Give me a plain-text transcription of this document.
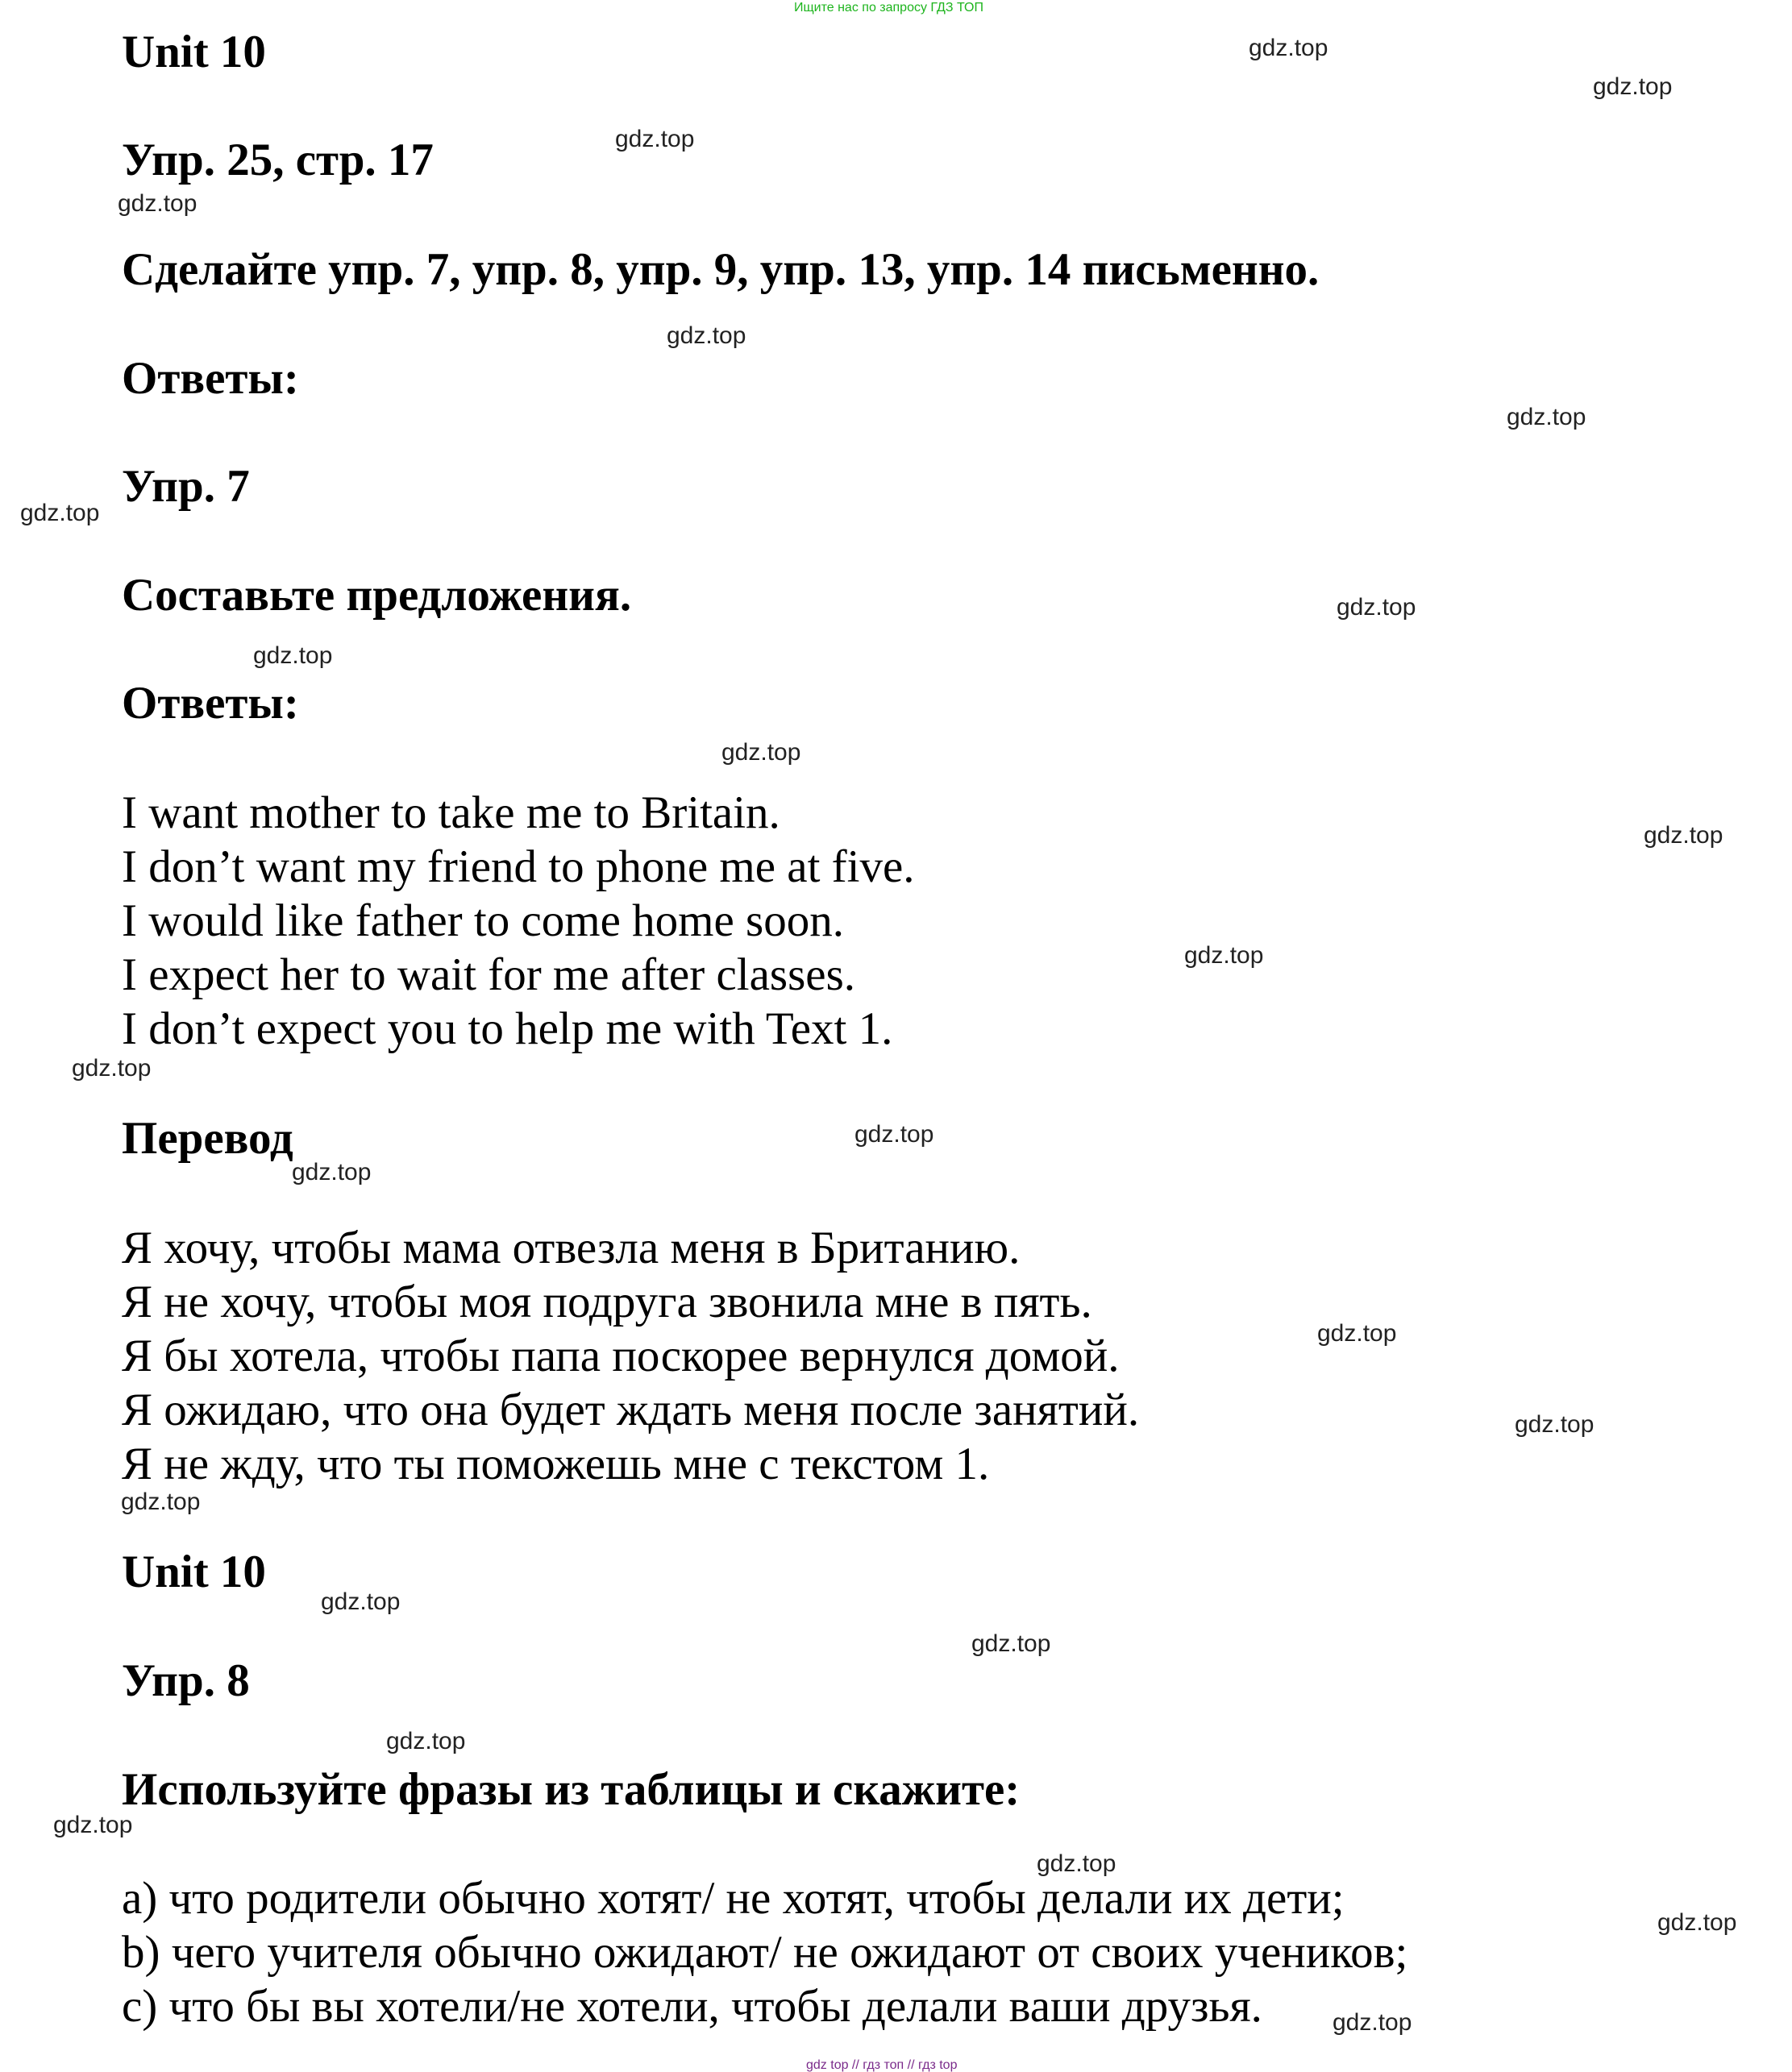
Ищите нас по запросу ГДЗ ТОП
gdz top // гдз топ // гдз top
Unit 10
Упр. 25, стр. 17
Сделайте упр. 7, упр. 8, упр. 9, упр. 13, упр. 14 письменно.
Ответы:
Упр. 7
Составьте предложения.
Ответы:
I want mother to take me to Britain.
I don’t want my friend to phone me at five.
I would like father to come home soon.
I expect her to wait for me after classes.
I don’t expect you to help me with Text 1.
Перевод
Я хочу, чтобы мама отвезла меня в Британию.
Я не хочу, чтобы моя подруга звонила мне в пять.
Я бы хотела, чтобы папа поскорее вернулся домой.
Я ожидаю, что она будет ждать меня после занятий.
Я не жду, что ты поможешь мне с текстом 1.
Unit 10
Упр. 8
Используйте фразы из таблицы и скажите:
a) что родители обычно хотят/ не хотят, чтобы делали их дети;
b) чего учителя обычно ожидают/ не ожидают от своих учеников;
c) что бы вы хотели/не хотели, чтобы делали ваши друзья.
gdz.top
gdz.top
gdz.top
gdz.top
gdz.top
gdz.top
gdz.top
gdz.top
gdz.top
gdz.top
gdz.top
gdz.top
gdz.top
gdz.top
gdz.top
gdz.top
gdz.top
gdz.top
gdz.top
gdz.top
gdz.top
gdz.top
gdz.top
gdz.top
gdz.top
